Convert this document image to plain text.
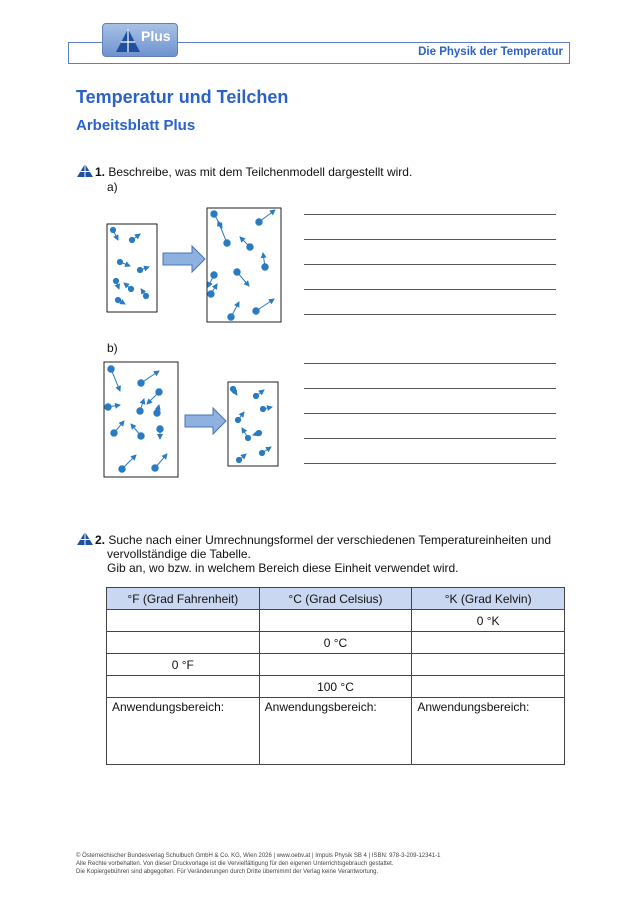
Die Physik der Temperatur
Plus
Temperatur und Teilchen
Arbeitsblatt Plus
1. Beschreibe, was mit dem Teilchenmodell dargestellt wird.
a)
b)
2. Suche nach einer Umrechnungsformel der verschiedenen Temperatureinheiten und
vervollständige die Tabelle.
Gib an, wo bzw. in welchem Bereich diese Einheit verwendet wird.
°F (Grad Fahrenheit)	°C (Grad Celsius)	°K (Grad Kelvin)
		0 °K
	0 °C	
0 °F		
	100 °C	
Anwendungsbereich:	Anwendungsbereich:	Anwendungsbereich:
© Österreichischer Bundesverlag Schulbuch GmbH & Co. KG, Wien 2026 | www.oebv.at | Impuls Physik SB 4 | ISBN: 978-3-209-12341-1
Alle Rechte vorbehalten. Von dieser Druckvorlage ist die Vervielfältigung für den eigenen Unterrichtsgebrauch gestattet.
Die Kopiergebühren sind abgegolten. Für Veränderungen durch Dritte übernimmt der Verlag keine Verantwortung.
